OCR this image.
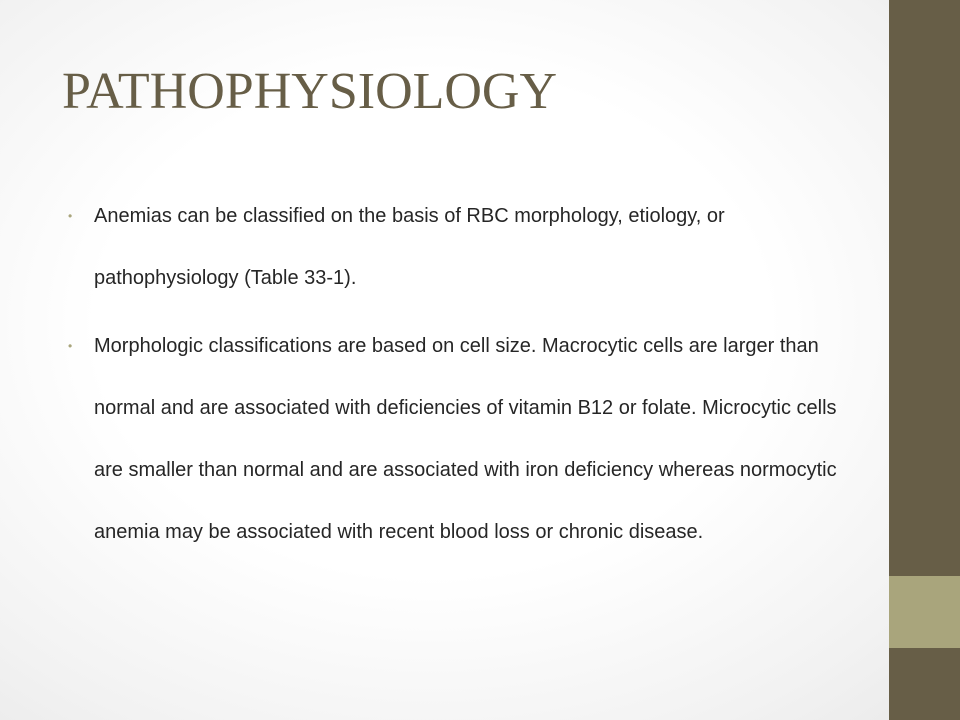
PATHOPHYSIOLOGY
•	Anemias can be classified on the basis of RBC morphology, etiology, or pathophysiology (Table 33-1).
•	Morphologic classifications are based on cell size. Macrocytic cells are larger than normal and are associated with deficiencies of vitamin B12 or folate. Microcytic cells are smaller than normal and are associated with iron deficiency whereas normocytic anemia may be associated with recent blood loss or chronic disease.
